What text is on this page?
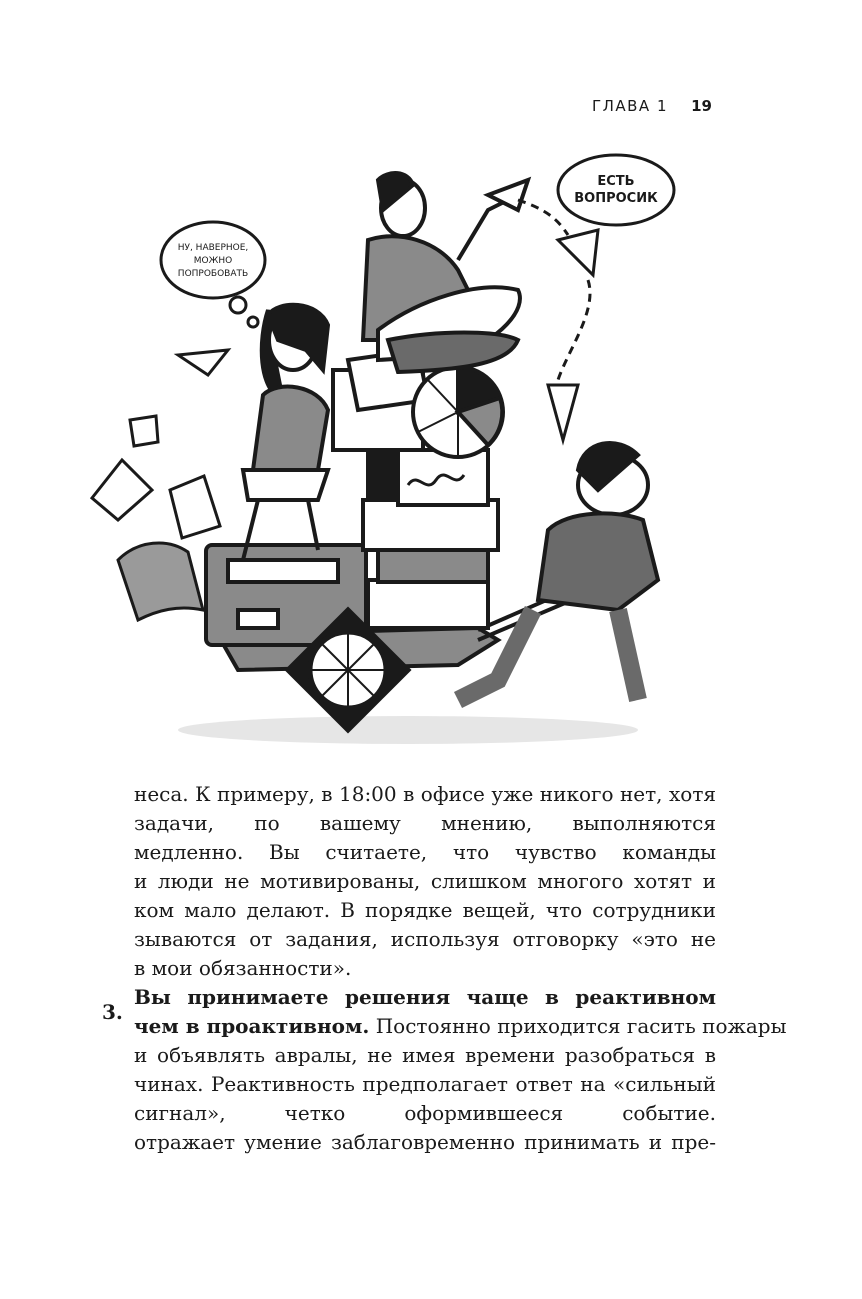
ГЛАВА 1 19
ЕСТЬ
ВОПРОСИК
НУ, НАВЕРНОЕ,
МОЖНО
ПОПРОБОВАТЬ
неса. К примеру, в 18:00 в офисе уже никого нет, хотя
задачи, по вашему мнению, выполняются
медленно. Вы считаете, что чувство команды
и люди не мотивированы, слишком многого хотят и
ком мало делают. В порядке вещей, что сотрудники
зываются от задания, используя отговорку «это не
в мои обязанности».
Вы принимаете решения чаще в реактивном
чем в проактивном. Постоянно приходится гасить пожары
и объявлять авралы, не имея времени разобраться в
чинах. Реактивность предполагает ответ на «сильный
сигнал», четко оформившееся событие.
отражает умение заблаговременно принимать и пре-
3.
